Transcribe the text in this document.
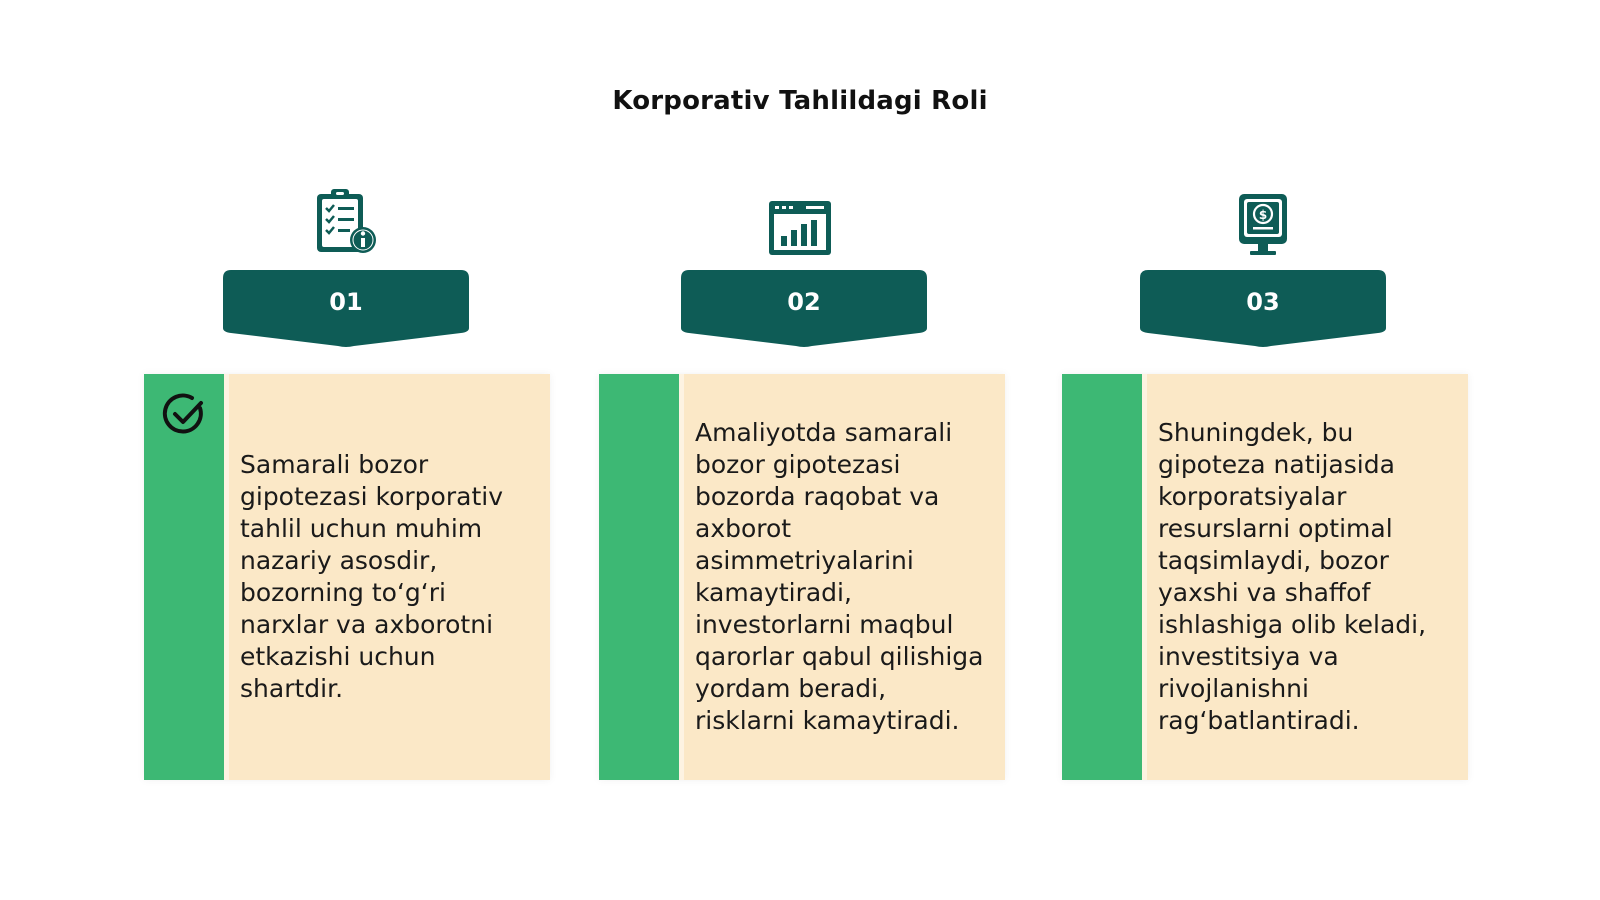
Korporativ Tahlildagi Roli
01
Samarali bozor gipotezasi korporativ tahlil uchun muhim nazariy asosdir, bozorning to‘g‘ri narxlar va axborotni etkazishi uchun shartdir.
02
Amaliyotda samarali bozor gipotezasi bozorda raqobat va axborot asimmetriyalarini kamaytiradi, investorlarni maqbul qarorlar qabul qilishiga yordam beradi, risklarni kamaytiradi.
$
03
Shuningdek, bu gipoteza natijasida korporatsiyalar resurslarni optimal taqsimlaydi, bozor yaxshi va shaffof ishlashiga olib keladi, investitsiya va rivojlanishni rag‘batlantiradi.
